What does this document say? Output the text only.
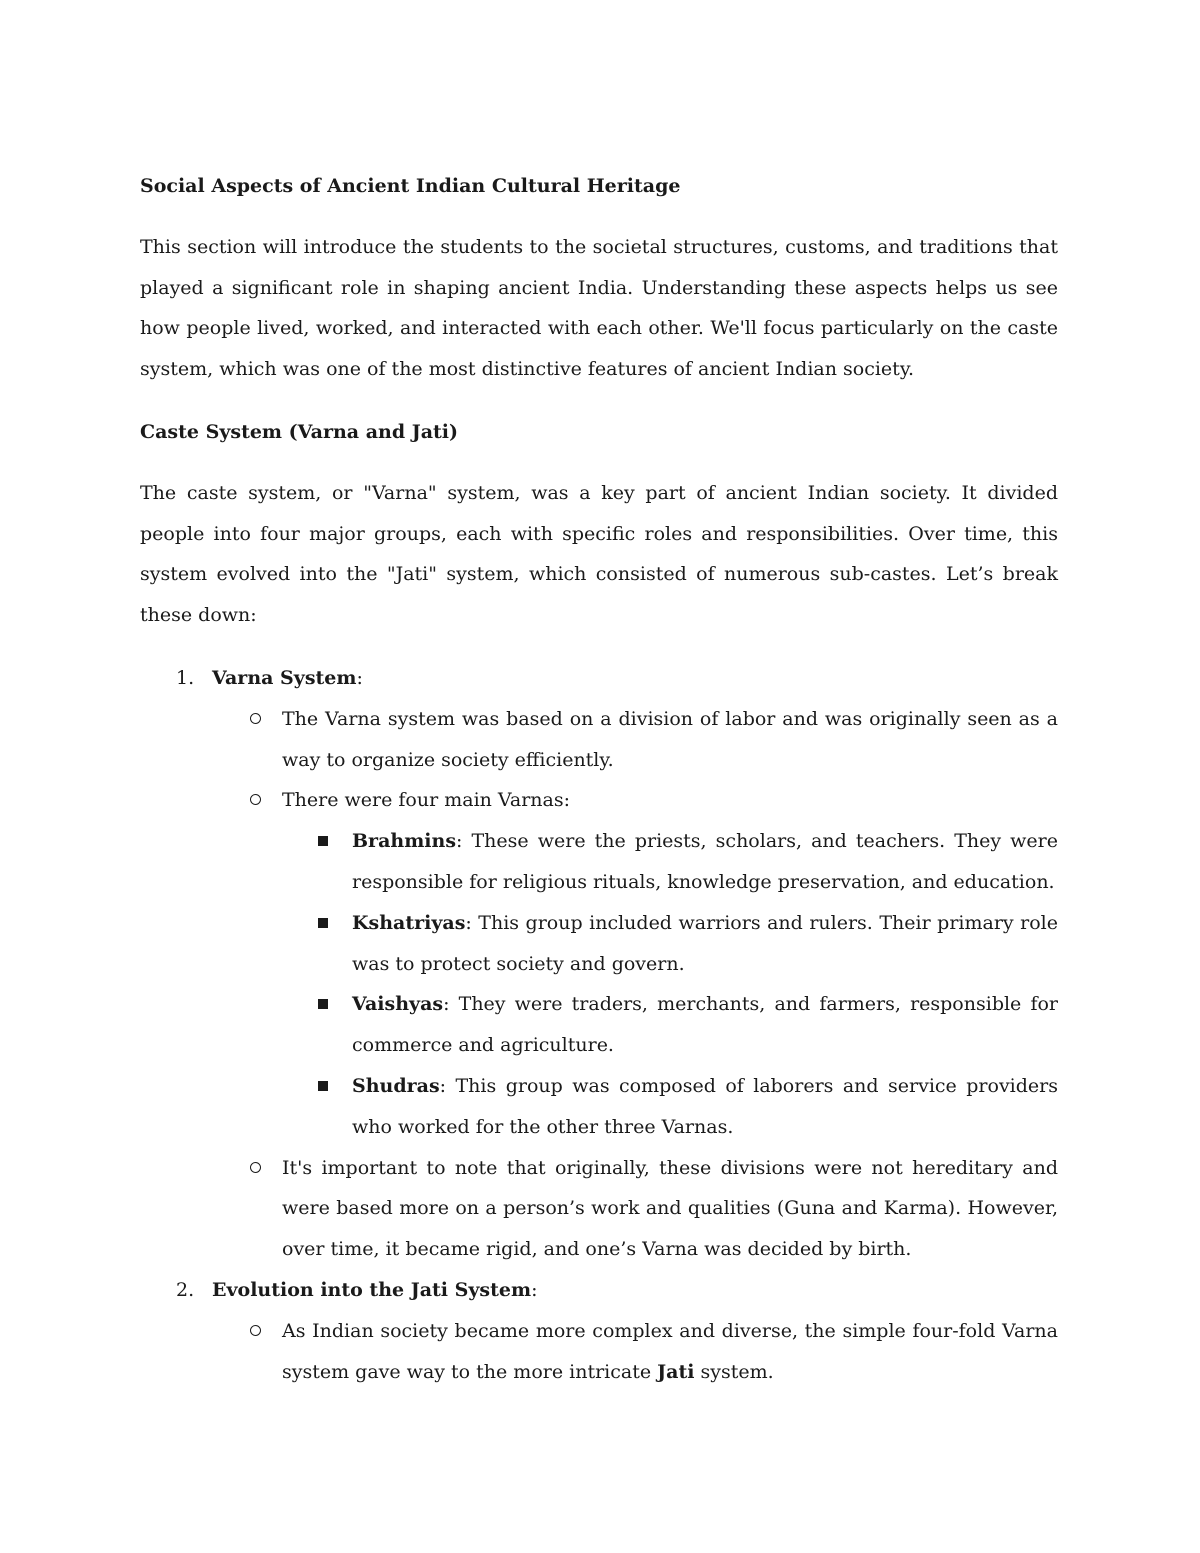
Social Aspects of Ancient Indian Cultural Heritage
This section will introduce the students to the societal structures, customs, and traditions that played a significant role in shaping ancient India. Understanding these aspects helps us see how people lived, worked, and interacted with each other. We'll focus particularly on the caste system, which was one of the most distinctive features of ancient Indian society.
Caste System (Varna and Jati)
The caste system, or "Varna" system, was a key part of ancient Indian society. It divided people into four major groups, each with specific roles and responsibilities. Over time, this system evolved into the "Jati" system, which consisted of numerous sub-castes. Let’s break these down:
1. Varna System:
The Varna system was based on a division of labor and was originally seen as a way to organize society efficiently.
There were four main Varnas:
Brahmins: These were the priests, scholars, and teachers. They were responsible for religious rituals, knowledge preservation, and education.
Kshatriyas: This group included warriors and rulers. Their primary role was to protect society and govern.
Vaishyas: They were traders, merchants, and farmers, responsible for commerce and agriculture.
Shudras: This group was composed of laborers and service providers who worked for the other three Varnas.
It's important to note that originally, these divisions were not hereditary and were based more on a person’s work and qualities (Guna and Karma). However, over time, it became rigid, and one’s Varna was decided by birth.
2. Evolution into the Jati System:
As Indian society became more complex and diverse, the simple four-fold Varna system gave way to the more intricate Jati system.
